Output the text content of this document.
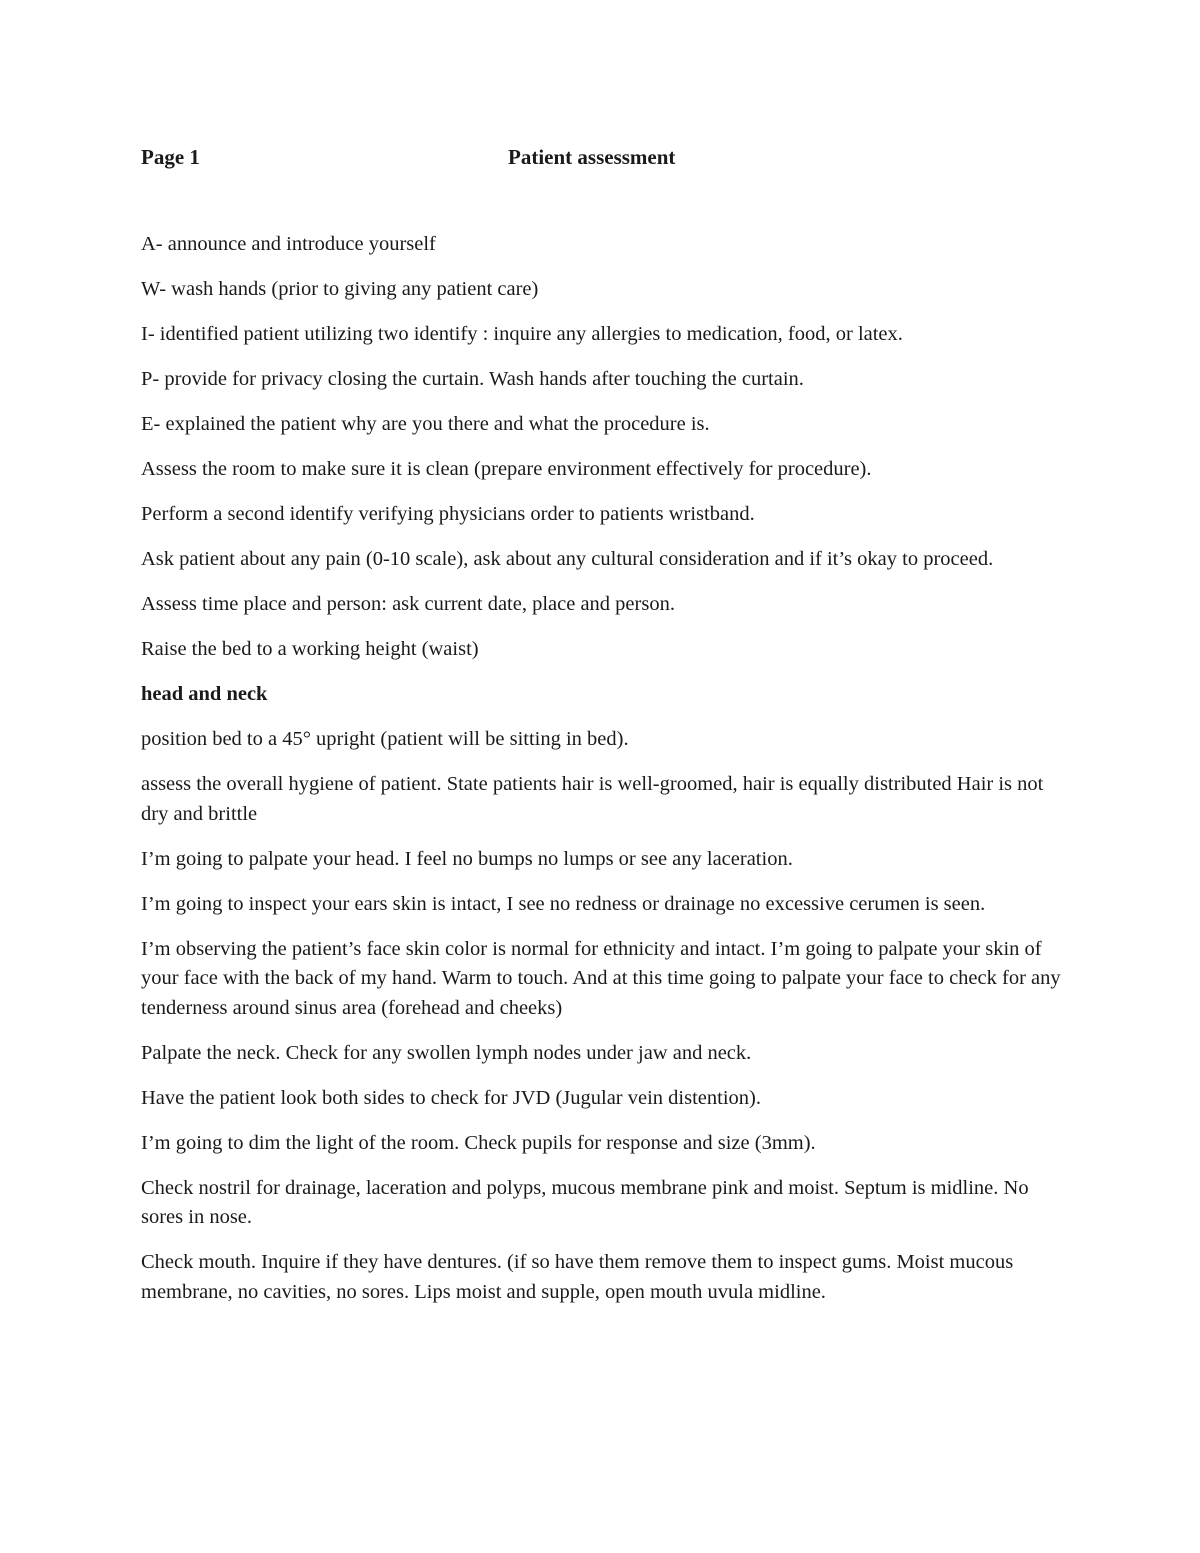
Page 1	Patient assessment

A- announce and introduce yourself

W- wash hands (prior to giving any patient care)

I- identified patient utilizing two identify : inquire any allergies to medication, food, or latex.

P- provide for privacy closing the curtain. Wash hands after touching the curtain.

E- explained the patient why are you there and what the procedure is.

Assess the room to make sure it is clean (prepare environment effectively for procedure).

Perform a second identify verifying physicians order to patients wristband.

Ask patient about any pain (0-10 scale), ask about any cultural consideration and if it’s okay to proceed.

Assess time place and person: ask current date, place and person.

Raise the bed to a working height (waist)

head and neck

position bed to a 45° upright (patient will be sitting in bed).

assess the overall hygiene of patient. State patients hair is well-groomed, hair is equally distributed Hair is not dry and brittle

I’m going to palpate your head. I feel no bumps no lumps or see any laceration.

I’m going to inspect your ears skin is intact, I see no redness or drainage no excessive cerumen is seen.

I’m observing the patient’s face skin color is normal for ethnicity and intact. I’m going to palpate your skin of your face with the back of my hand. Warm to touch. And at this time going to palpate your face to check for any tenderness around sinus area (forehead and cheeks)

Palpate the neck. Check for any swollen lymph nodes under jaw and neck.

Have the patient look both sides to check for JVD (Jugular vein distention).

I’m going to dim the light of the room. Check pupils for response and size (3mm).

Check nostril for drainage, laceration and polyps, mucous membrane pink and moist. Septum is midline. No sores in nose.

Check mouth. Inquire if they have dentures. (if so have them remove them to inspect gums. Moist mucous membrane, no cavities, no sores. Lips moist and supple, open mouth uvula midline.
